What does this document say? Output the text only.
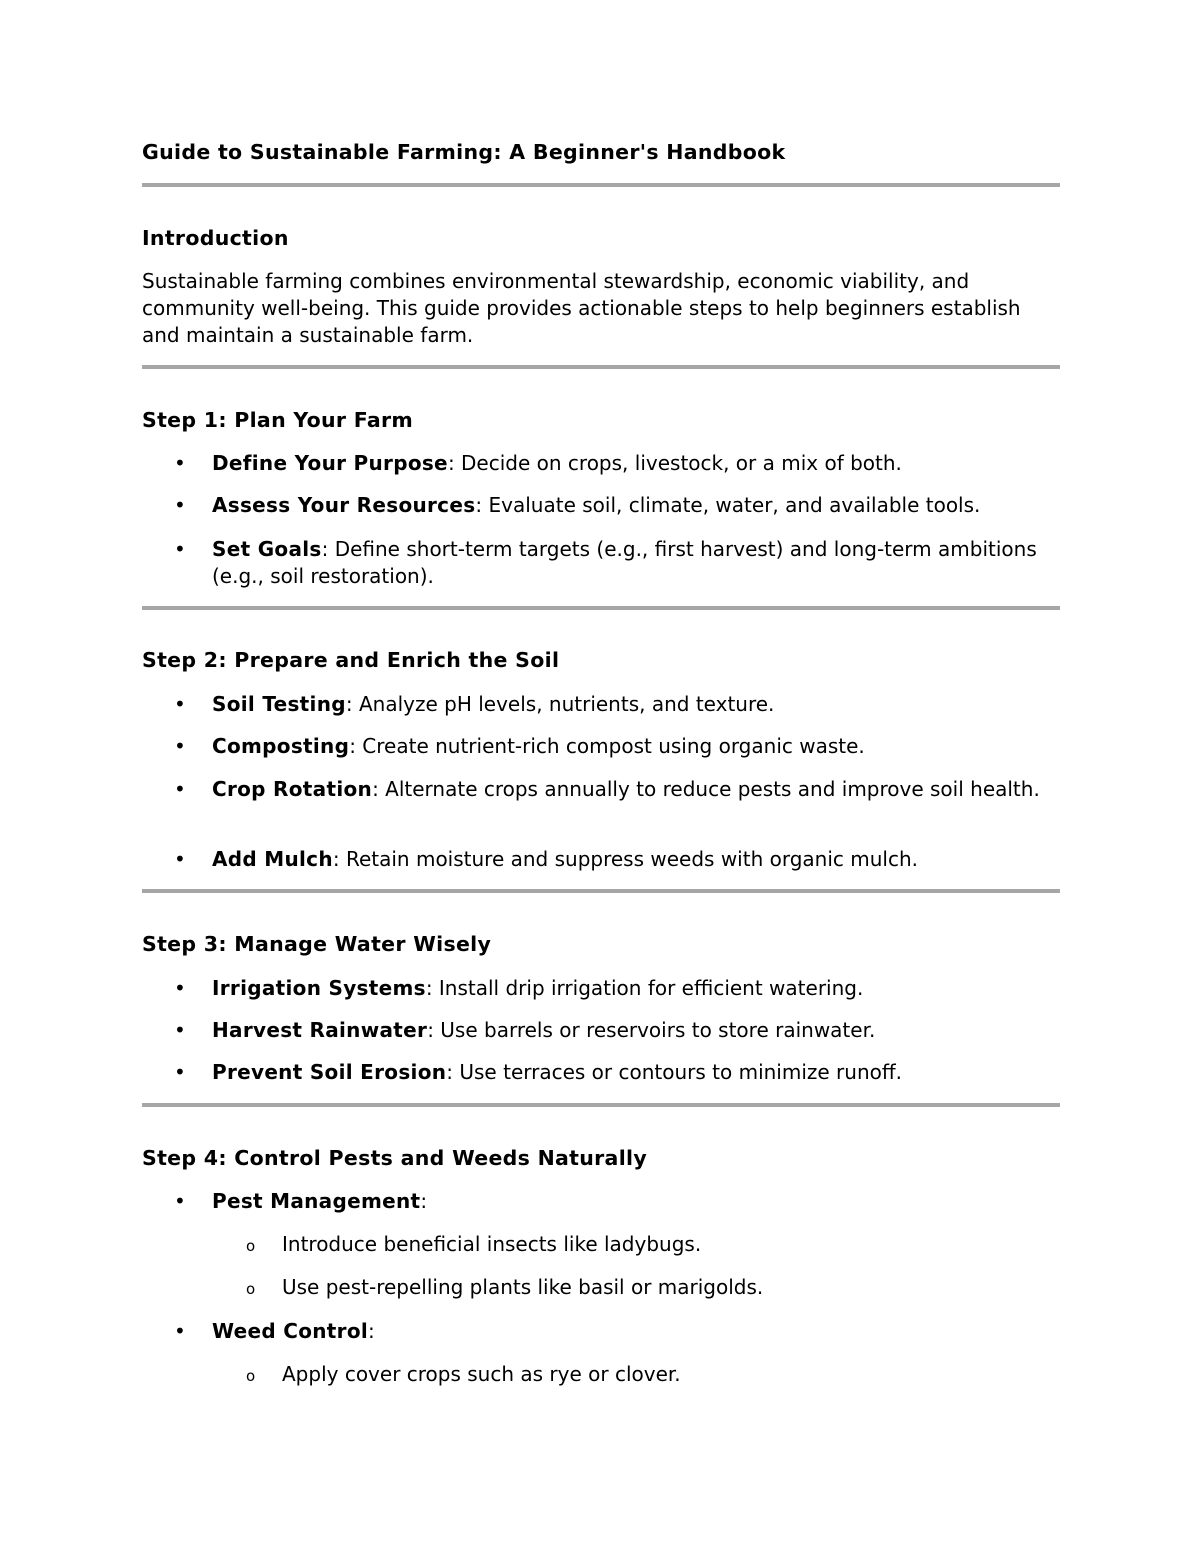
Guide to Sustainable Farming: A Beginner's Handbook
Introduction
Sustainable farming combines environmental stewardship, economic viability, and community well-being. This guide provides actionable steps to help beginners establish and maintain a sustainable farm.
Step 1: Plan Your Farm
• Define Your Purpose: Decide on crops, livestock, or a mix of both.
• Assess Your Resources: Evaluate soil, climate, water, and available tools.
• Set Goals: Define short-term targets (e.g., first harvest) and long-term ambitions (e.g., soil restoration).
Step 2: Prepare and Enrich the Soil
• Soil Testing: Analyze pH levels, nutrients, and texture.
• Composting: Create nutrient-rich compost using organic waste.
• Crop Rotation: Alternate crops annually to reduce pests and improve soil health.
• Add Mulch: Retain moisture and suppress weeds with organic mulch.
Step 3: Manage Water Wisely
• Irrigation Systems: Install drip irrigation for efficient watering.
• Harvest Rainwater: Use barrels or reservoirs to store rainwater.
• Prevent Soil Erosion: Use terraces or contours to minimize runoff.
Step 4: Control Pests and Weeds Naturally
• Pest Management:
o Introduce beneficial insects like ladybugs.
o Use pest-repelling plants like basil or marigolds.
• Weed Control:
o Apply cover crops such as rye or clover.
